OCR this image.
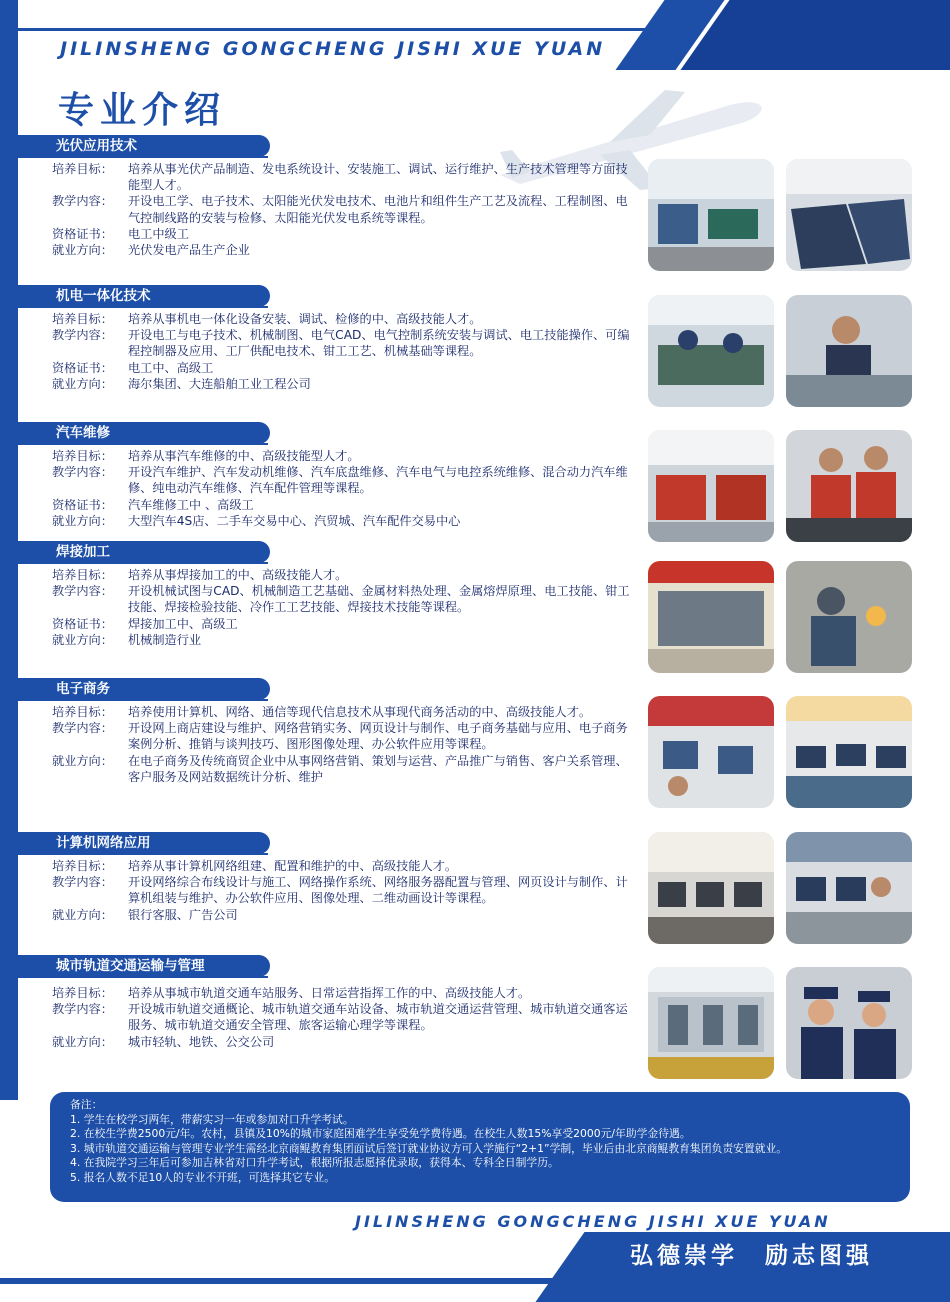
JILINSHENG GONGCHENG JISHI XUE YUAN
专业介绍
光伏应用技术
培养目标：	培养从事光伏产品制造、发电系统设计、安装施工、调试、运行维护、生产技术管理等方面技能型人才。
教学内容：	开设电工学、电子技术、太阳能光伏发电技术、电池片和组件生产工艺及流程、工程制图、电气控制线路的安装与检修、太阳能光伏发电系统等课程。
资格证书：	电工中级工
就业方向：	光伏发电产品生产企业
机电一体化技术
培养目标：	培养从事机电一体化设备安装、调试、检修的中、高级技能人才。
教学内容：	开设电工与电子技术、机械制图、电气CAD、电气控制系统安装与调试、电工技能操作、可编程控制器及应用、工厂供配电技术、钳工工艺、机械基础等课程。
资格证书：	电工中、高级工
就业方向：	海尔集团、大连船舶工业工程公司
汽车维修
培养目标：	培养从事汽车维修的中、高级技能型人才。
教学内容：	开设汽车维护、汽车发动机维修、汽车底盘维修、汽车电气与电控系统维修、混合动力汽车维修、纯电动汽车维修、汽车配件管理等课程。
资格证书：	汽车维修工中 、高级工
就业方向：	大型汽车4S店、二手车交易中心、汽贸城、汽车配件交易中心
焊接加工
培养目标：	培养从事焊接加工的中、高级技能人才。
教学内容：	开设机械试图与CAD、机械制造工艺基础、金属材料热处理、金属熔焊原理、电工技能、钳工技能、焊接检验技能、冷作工工艺技能、焊接技术技能等课程。
资格证书：	焊接加工中、高级工
就业方向：	机械制造行业
电子商务
培养目标：	培养使用计算机、网络、通信等现代信息技术从事现代商务活动的中、高级技能人才。
教学内容：	开设网上商店建设与维护、网络营销实务、网页设计与制作、电子商务基础与应用、电子商务案例分析、推销与谈判技巧、图形图像处理、办公软件应用等课程。
就业方向：	在电子商务及传统商贸企业中从事网络营销、策划与运营、产品推广与销售、客户关系管理、客户服务及网站数据统计分析、维护
计算机网络应用
培养目标：	培养从事计算机网络组建、配置和维护的中、高级技能人才。
教学内容：	开设网络综合布线设计与施工、网络操作系统、网络服务器配置与管理、网页设计与制作、计算机组装与维护、办公软件应用、图像处理、二维动画设计等课程。
就业方向：	银行客服、广告公司
城市轨道交通运输与管理
培养目标：	培养从事城市轨道交通车站服务、日常运营指挥工作的中、高级技能人才。
教学内容：	开设城市轨道交通概论、城市轨道交通车站设备、城市轨道交通运营管理、城市轨道交通客运服务、城市轨道交通安全管理、旅客运输心理学等课程。
就业方向：	城市轻轨、地铁、公交公司
备注：
1. 学生在校学习两年，带薪实习一年或参加对口升学考试。
2. 在校生学费2500元/年。农村，县镇及10%的城市家庭困难学生享受免学费待遇。在校生人数15%享受2000元/年助学金待遇。
3. 城市轨道交通运输与管理专业学生需经北京商鲲教育集团面试后签订就业协议方可入学施行“2+1”学制，毕业后由北京商鲲教育集团负责安置就业。
4. 在我院学习三年后可参加吉林省对口升学考试，根据所报志愿择优录取，获得本、专科全日制学历。
5. 报名人数不足10人的专业不开班，可选择其它专业。
JILINSHENG GONGCHENG JISHI XUE YUAN
弘德崇学　励志图强
